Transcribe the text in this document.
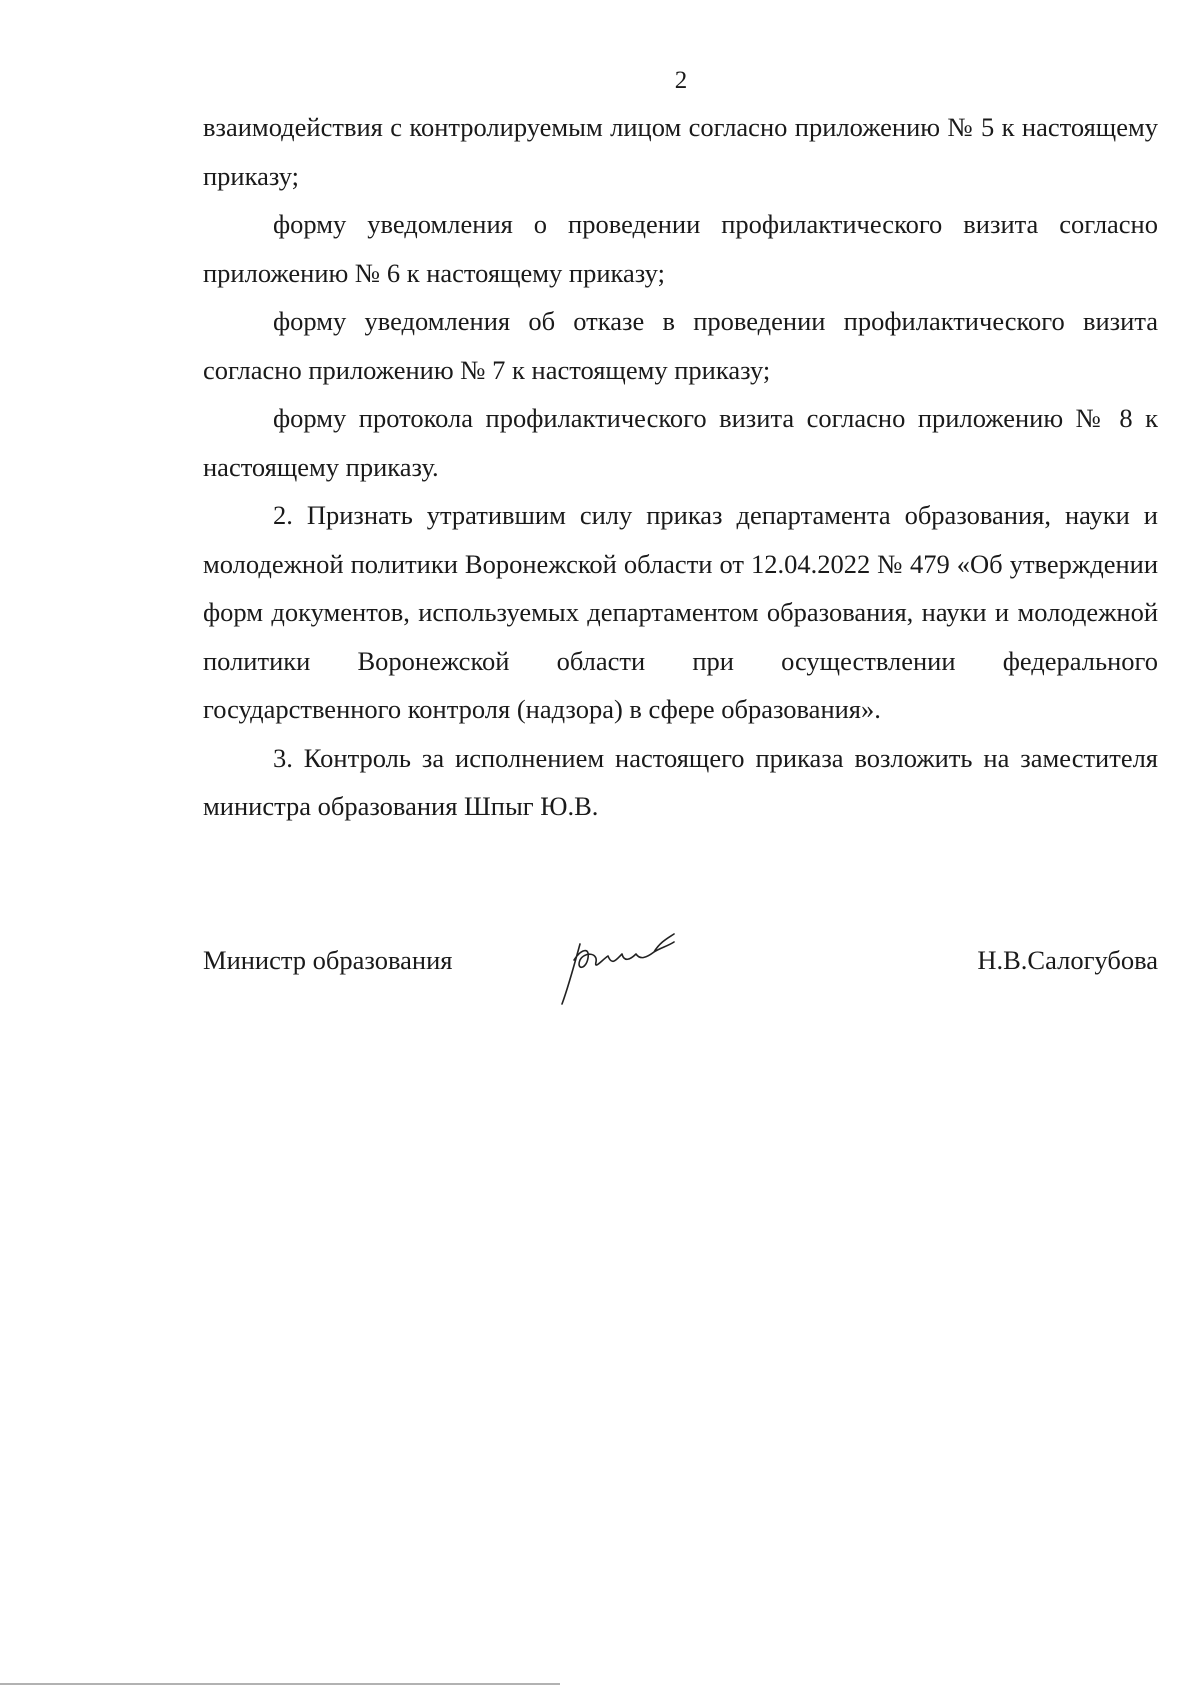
2

взаимодействия с контролируемым лицом согласно приложению № 5 к настоящему приказу;

форму уведомления о проведении профилактического визита согласно приложению № 6 к настоящему приказу;

форму уведомления об отказе в проведении профилактического визита согласно приложению № 7 к настоящему приказу;

форму протокола профилактического визита согласно приложению № 8 к настоящему приказу.

2. Признать утратившим силу приказ департамента образования, науки и молодежной политики Воронежской области от 12.04.2022 № 479 «Об утверждении форм документов, используемых департаментом образования, науки и молодежной политики Воронежской области при осуществлении федерального государственного контроля (надзора) в сфере образования».

3. Контроль за исполнением настоящего приказа возложить на заместителя министра образования Шпыг Ю.В.

Министр образования	Н.В.Салогубова
